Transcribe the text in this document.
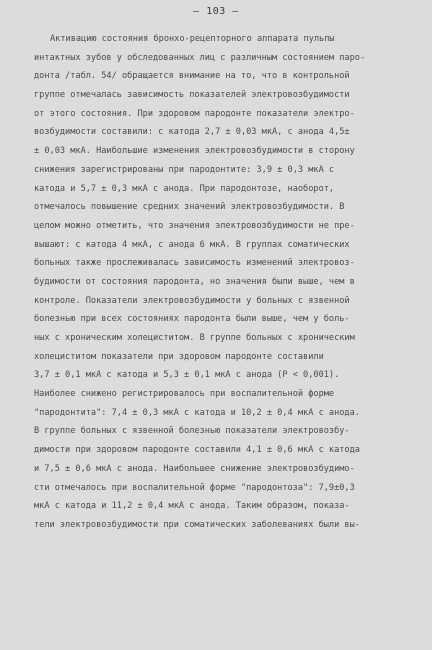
– 103 –
Активацию состояния бронхо-рецепторного аппарата пульпы
интактных зубов у обследованных лиц с различным состоянием паро-
донта /табл. 54/ обращается внимание на то, что в контрольной
группе отмечалась зависимость показателей электровозбудимости
от этого состояния. При здоровом пародонте показатели электро-
возбудимости составили: с катода 2,7 ± 0,03 мкА, с анода 4,5±
± 0,03 мкА. Наибольшие изменения электровозбудимости в сторону
снижения зарегистрированы при пародонтите: 3,9 ± 0,3 мкА с
катода и 5,7 ± 0,3 мкА с анода. При пародонтозе, наоборот,
отмечалось повышение средних значений электровозбудимости. В
целом можно отметить, что значения электровозбудимости не пре-
вышают: с катода 4 мкА, с анода 6 мкА. В группах соматических
больных также прослеживалась зависимость изменений электровоз-
будимости от состояния пародонта, но значения были выше, чем в
контроле. Показатели электровозбудимости у больных с язвенной
болезнью при всех состояниях пародонта были выше, чем у боль-
ных с хроническим холециститом. В группе больных с хроническим
холециститом показатели при здоровом пародонте составили
3,7 ± 0,1 мкА с катода и 5,3 ± 0,1 мкА с анода (P < 0,001).
Наиболее снижено регистрировалось при воспалительной форме
"пародонтита": 7,4 ± 0,3 мкА с катода и 10,2 ± 0,4 мкА с анода.
В группе больных с язвенной болезнью показатели электровозбу-
димости при здоровом пародонте составили 4,1 ± 0,6 мкА с катода
и 7,5 ± 0,6 мкА с анода. Наибольшее снижение электровозбудимо-
сти отмечалось при воспалительной форме "пародонтоза": 7,9±0,3
мкА с катода и 11,2 ± 0,4 мкА с анода. Таким образом, показа-
тели электровозбудимости при соматических заболеваниях были вы-
